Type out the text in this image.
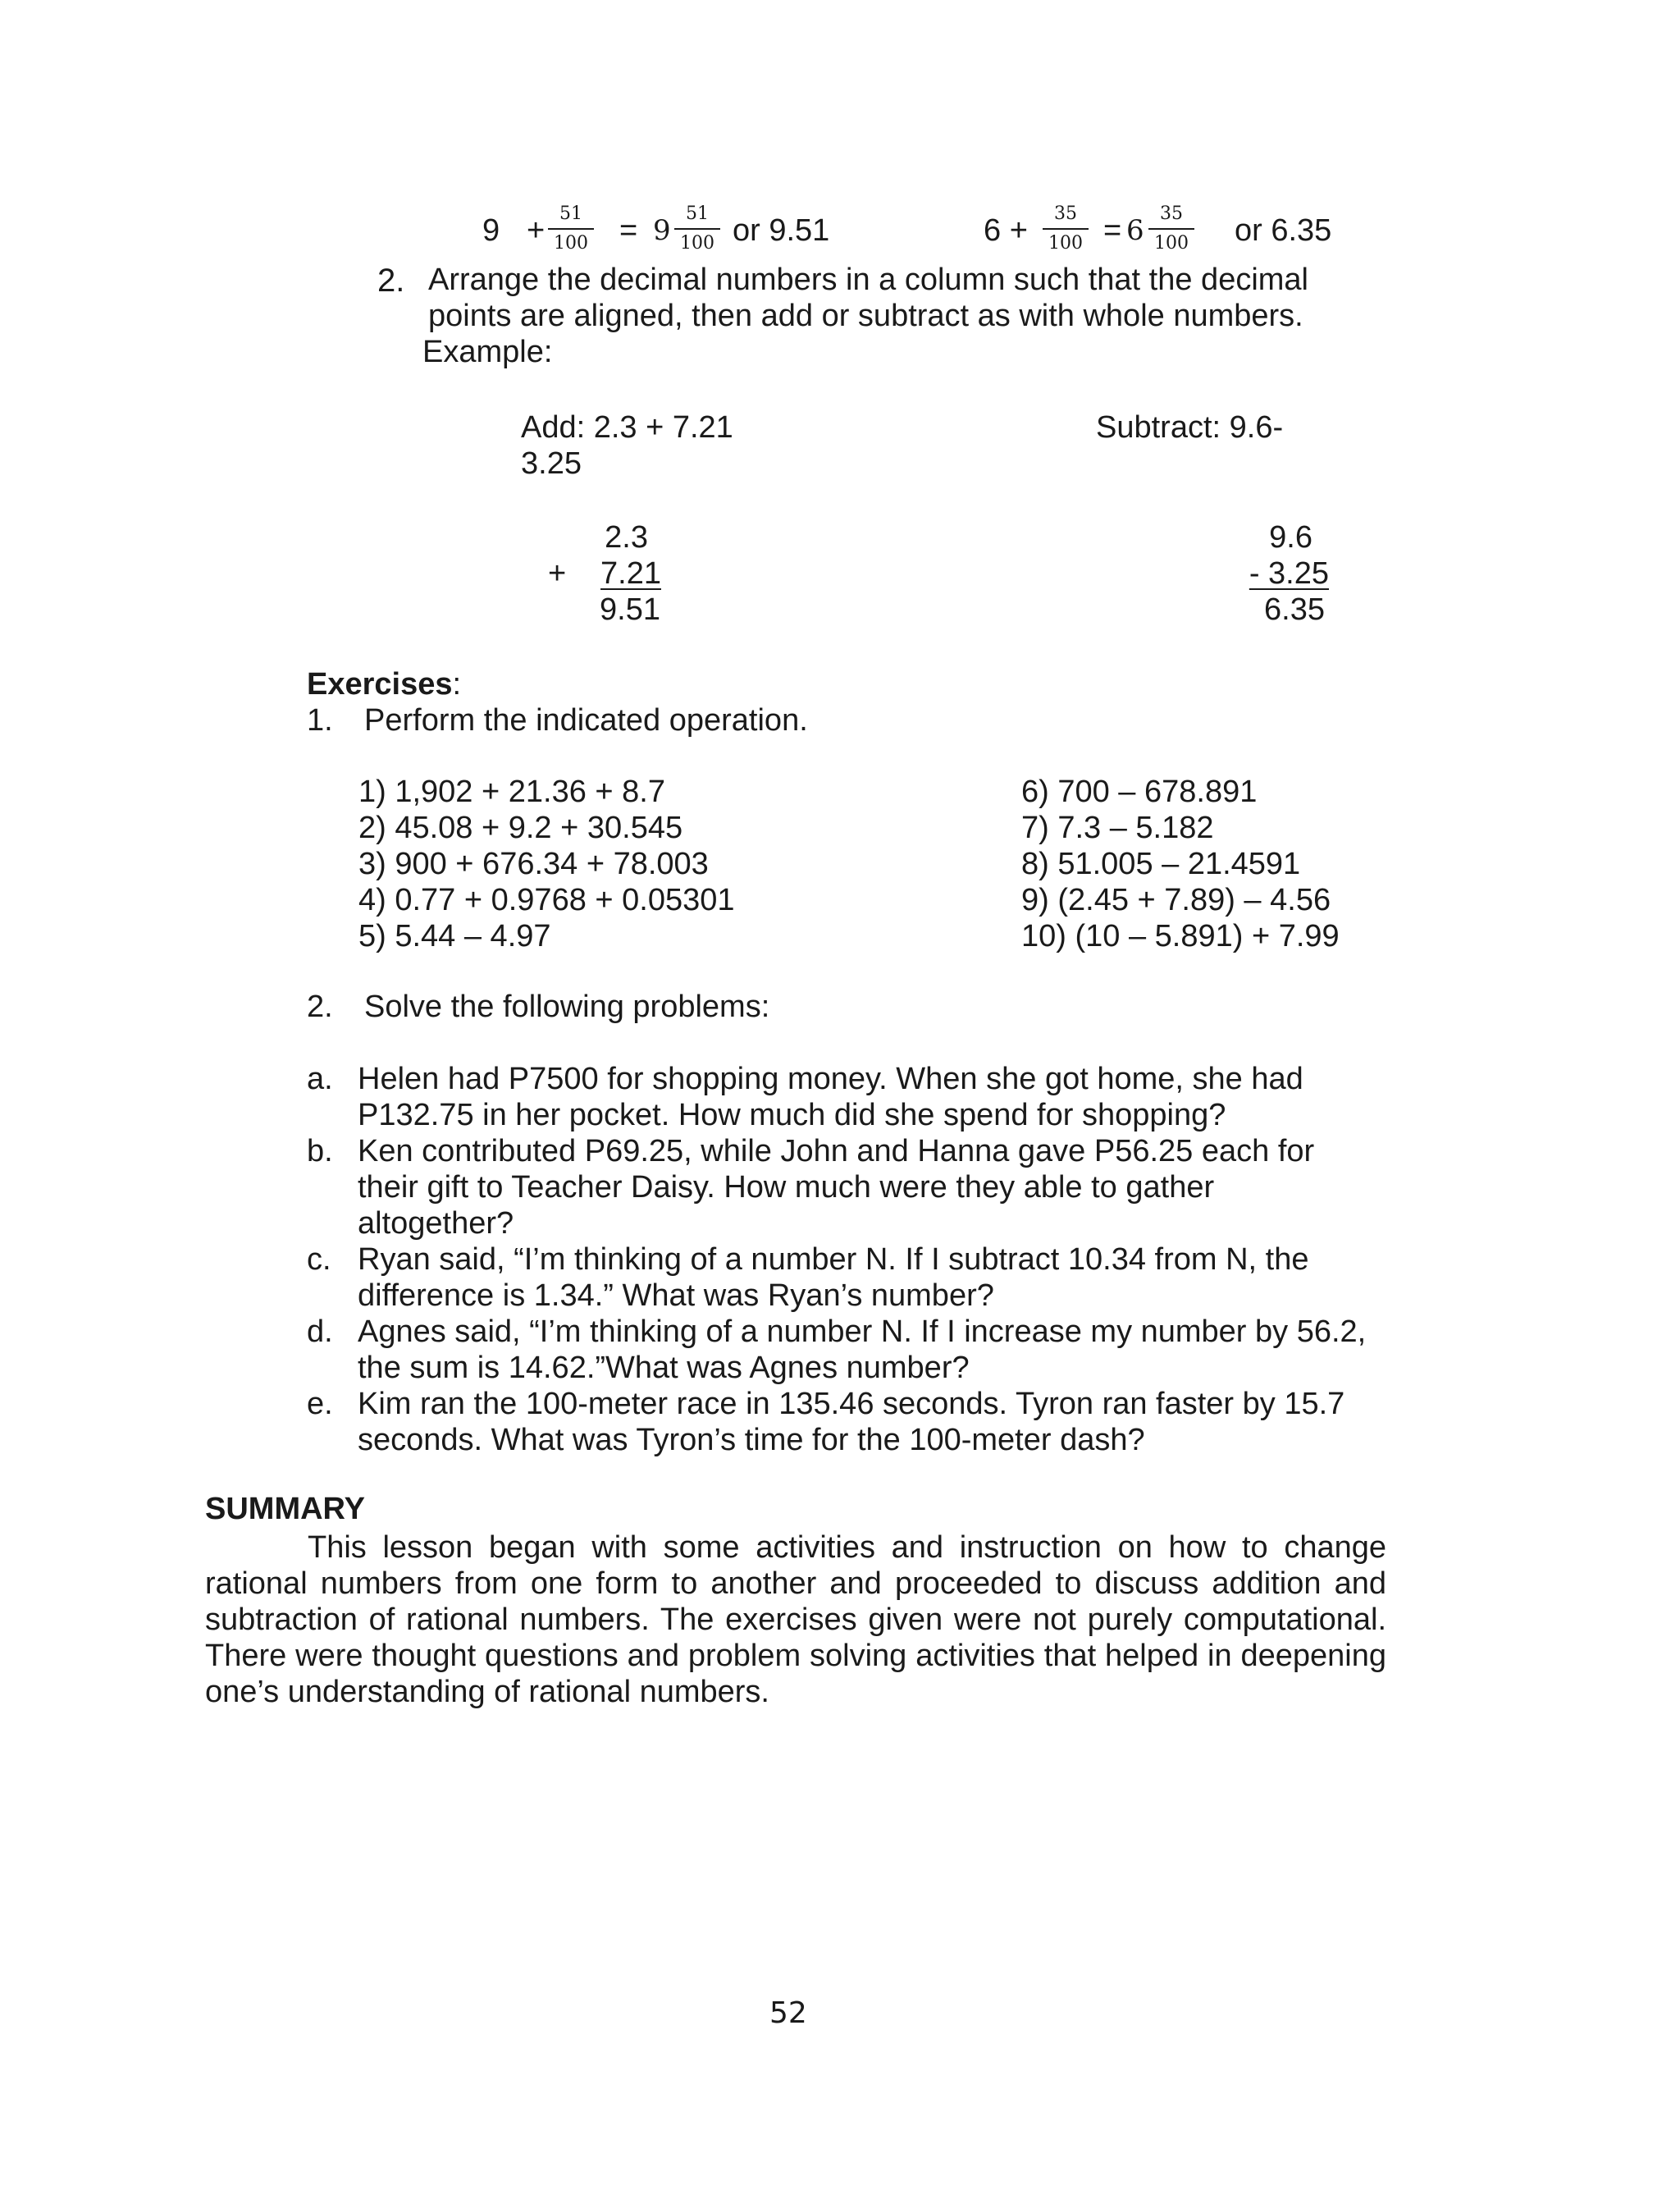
$9 + \frac{51}{100} = 9 \frac{51}{100}$ or 9.51	$6 + \frac{35}{100} = 6 \frac{35}{100}$ or 6.35
2. Arrange the decimal numbers in a column such that the decimal
points are aligned, then add or subtract as with whole numbers.
Example:
Add: 2.3 + 7.21
3.25
2.3
+	7.21
9.51
Subtract: 9.6-
9.6
- 3.25
6.35
Exercises:
1. Perform the indicated operation.
1) 1,902 + 21.36 + 8.7
2) 45.08 + 9.2 + 30.545
3) 900 + 676.34 + 78.003
4) 0.77 + 0.9768 + 0.05301
5) 5.44 – 4.97
6) 700 – 678.891
7) 7.3 – 5.182
8) 51.005 – 21.4591
9) (2.45 + 7.89) – 4.56
10) (10 – 5.891) + 7.99
2. Solve the following problems:
a. Helen had P7500 for shopping money. When she got home, she had
P132.75 in her pocket. How much did she spend for shopping?
b. Ken contributed P69.25, while John and Hanna gave P56.25 each for
their gift to Teacher Daisy. How much were they able to gather
altogether?
c. Ryan said, “I’m thinking of a number N. If I subtract 10.34 from N, the
difference is 1.34.” What was Ryan’s number?
d. Agnes said, “I’m thinking of a number N. If I increase my number by 56.2,
the sum is 14.62.”What was Agnes number?
e. Kim ran the 100-meter race in 135.46 seconds. Tyron ran faster by 15.7
seconds. What was Tyron’s time for the 100-meter dash?
SUMMARY

This lesson began with some activities and instruction on how to change rational numbers from one form to another and proceeded to discuss addition and subtraction of rational numbers. The exercises given were not purely computational. There were thought questions and problem solving activities that helped in deepening one’s understanding of rational numbers.

52
